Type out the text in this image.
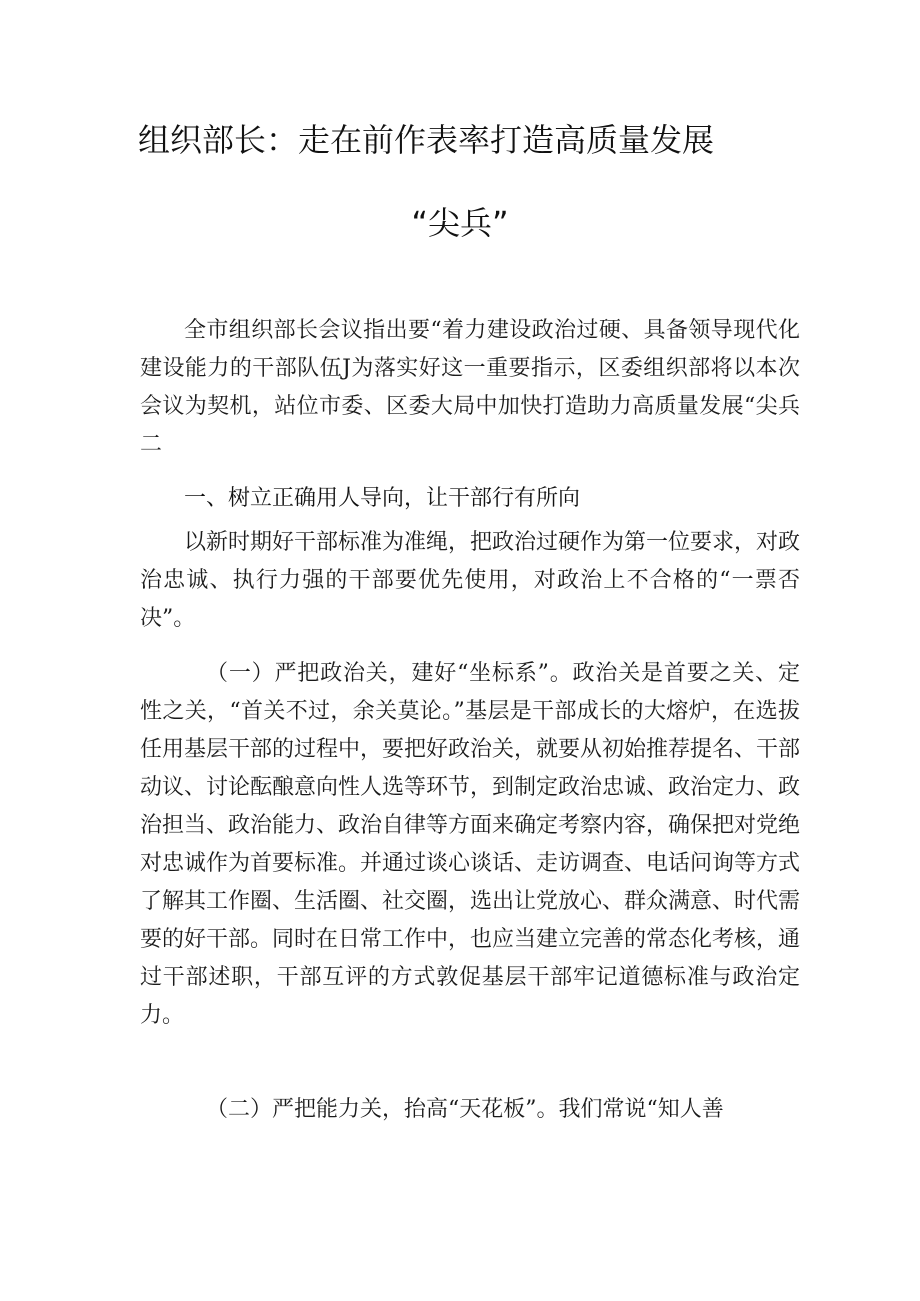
组织部长：走在前作表率打造高质量发展
“尖兵”

全市组织部长会议指出要“着力建设政治过硬、具备领导现代化建设能力的干部队伍J为落实好这一重要指示，区委组织部将以本次会议为契机，站位市委、区委大局中加快打造助力高质量发展“尖兵二

一、树立正确用人导向，让干部行有所向

以新时期好干部标准为准绳，把政治过硬作为第一位要求，对政治忠诚、执行力强的干部要优先使用，对政治上不合格的“一票否决”。

（一）严把政治关，建好“坐标系”。政治关是首要之关、定性之关，“首关不过，余关莫论。”基层是干部成长的大熔炉，在选拔任用基层干部的过程中，要把好政治关，就要从初始推荐提名、干部动议、讨论酝酿意向性人选等环节，到制定政治忠诚、政治定力、政治担当、政治能力、政治自律等方面来确定考察内容，确保把对党绝对忠诚作为首要标准。并通过谈心谈话、走访调查、电话问询等方式了解其工作圈、生活圈、社交圈，选出让党放心、群众满意、时代需要的好干部。同时在日常工作中，也应当建立完善的常态化考核，通过干部述职，干部互评的方式敦促基层干部牢记道德标准与政治定力。

（二）严把能力关，抬高“天花板”。我们常说“知人善
